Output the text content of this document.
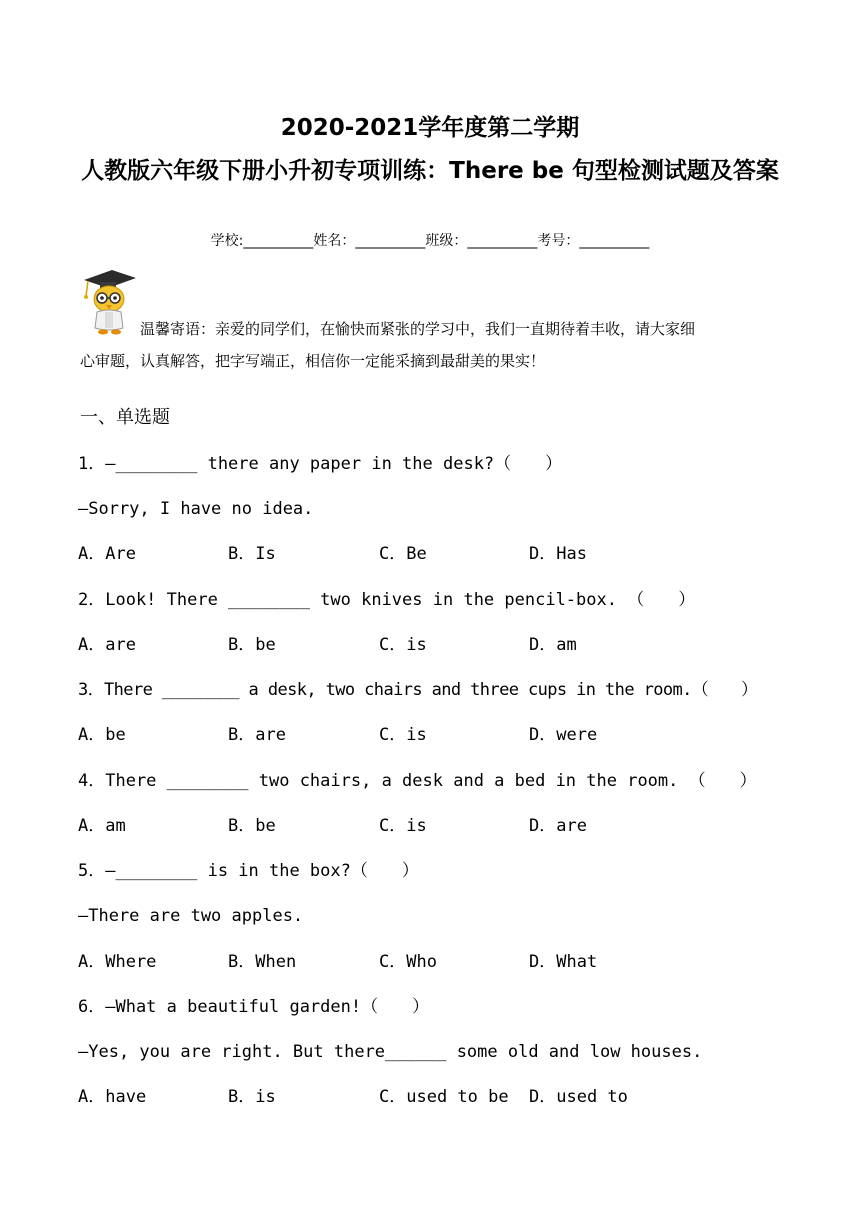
2020-2021学年度第二学期
人教版六年级下册小升初专项训练：There be 句型检测试题及答案
学校:__________姓名：__________班级：__________考号：__________
温馨寄语：亲爱的同学们，在愉快而紧张的学习中，我们一直期待着丰收，请大家细
心审题，认真解答，把字写端正，相信你一定能采摘到最甜美的果实！
一、单选题
1．—________ there any paper in the desk?（　　）
—Sorry, I have no idea.
A．Are	B．Is	C．Be	D．Has
2．Look! There ________ two knives in the pencil-box. （　　）
A．are	B．be	C．is	D．am
3．There ________ a desk, two chairs and three cups in the room.（　　）
A．be	B．are	C．is	D．were
4．There ________ two chairs, a desk and a bed in the room. （　　）
A．am	B．be	C．is	D．are
5．—________ is in the box?（　　）
—There are two apples.
A．Where	B．When	C．Who	D．What
6．—What a beautiful garden!（　　）
—Yes, you are right. But there______ some old and low houses.
A．have	B．is	C．used to be D．used to
